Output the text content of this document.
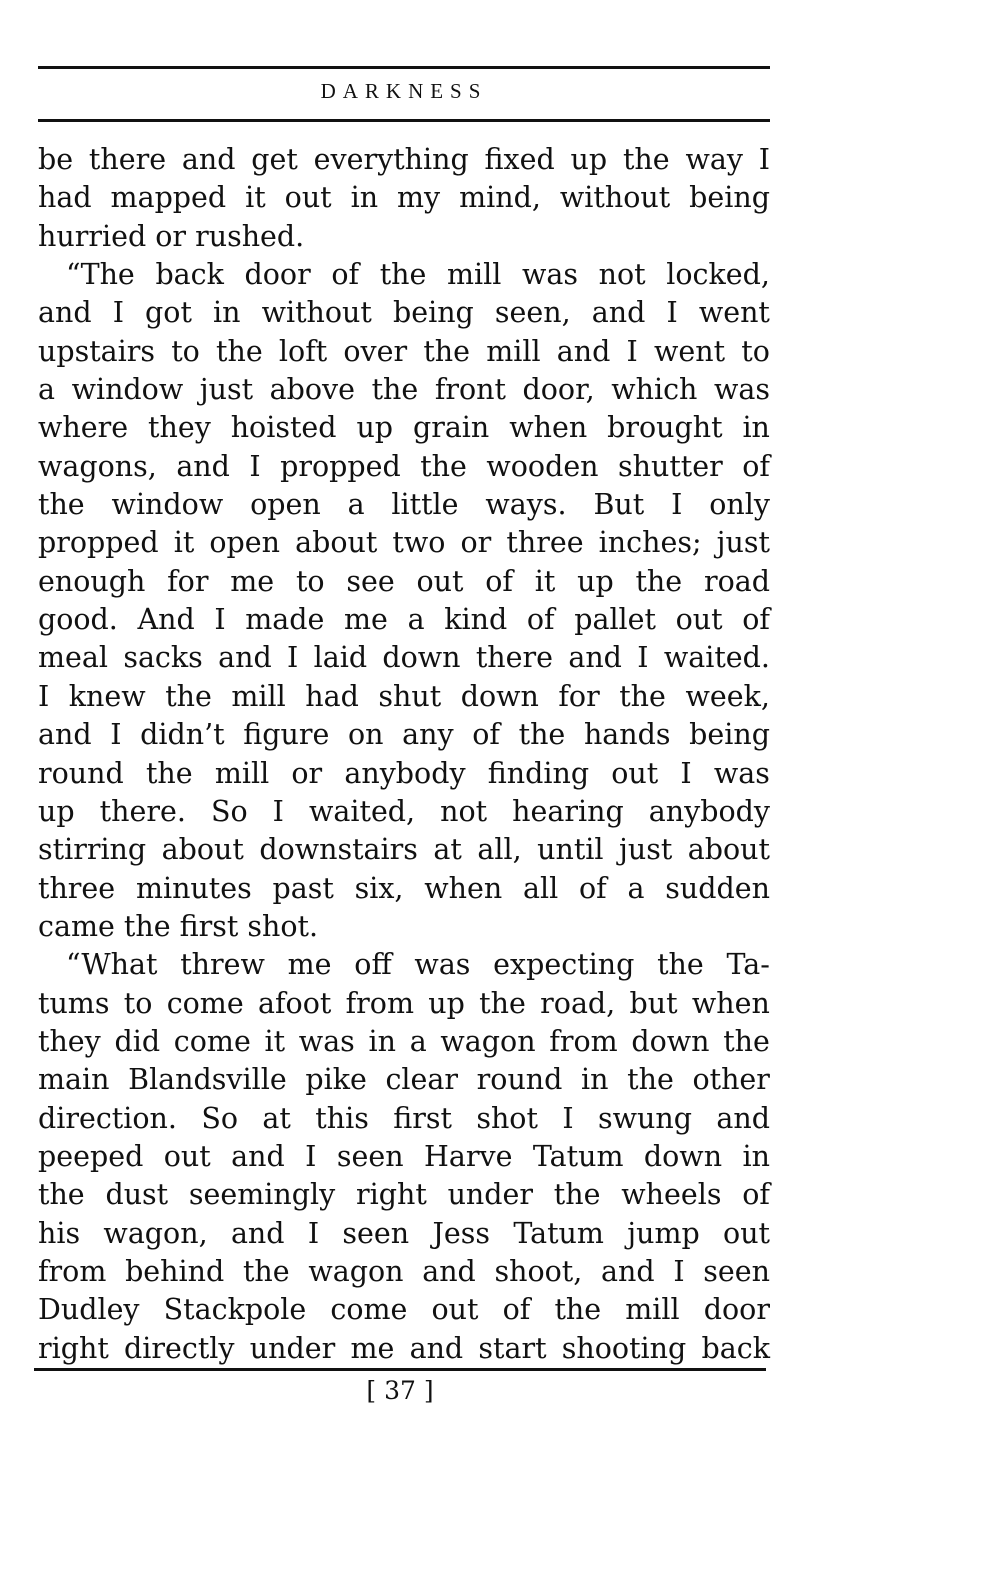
DARKNESS
be there and get everything fixed up the way I
had mapped it out in my mind, without being
hurried or rushed.
“The back door of the mill was not locked,
and I got in without being seen, and I went
upstairs to the loft over the mill and I went to
a window just above the front door, which was
where they hoisted up grain when brought in
wagons, and I propped the wooden shutter of
the window open a little ways. But I only
propped it open about two or three inches; just
enough for me to see out of it up the road
good. And I made me a kind of pallet out of
meal sacks and I laid down there and I waited.
I knew the mill had shut down for the week,
and I didn’t figure on any of the hands being
round the mill or anybody finding out I was
up there. So I waited, not hearing anybody
stirring about downstairs at all, until just about
three minutes past six, when all of a sudden
came the first shot.
“What threw me off was expecting the Ta-
tums to come afoot from up the road, but when
they did come it was in a wagon from down the
main Blandsville pike clear round in the other
direction. So at this first shot I swung and
peeped out and I seen Harve Tatum down in
the dust seemingly right under the wheels of
his wagon, and I seen Jess Tatum jump out
from behind the wagon and shoot, and I seen
Dudley Stackpole come out of the mill door
right directly under me and start shooting back
[ 37 ]
